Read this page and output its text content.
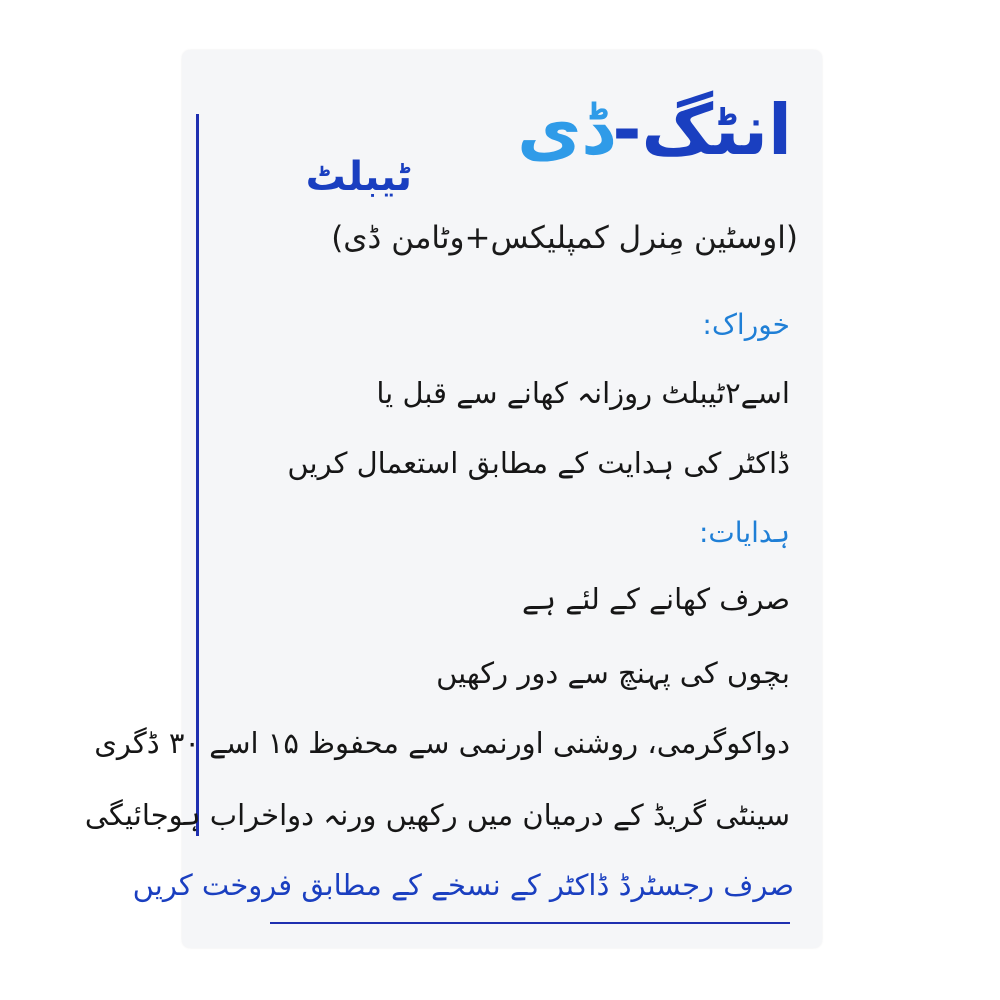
انٹگ-ڈی
ٹیبلٹ
(اوسٹین مِنرل کمپلیکس+وٹامن ڈی)
خوراک:
اسے۲ٹیبلٹ روزانہ کھانے سے قبل یا
ڈاکٹر کی ہدایت کے مطابق استعمال کریں
ہدایات:
صرف کھانے کے لئے ہے
بچوں کی پہنچ سے دور رکھیں
دواکوگرمی، روشنی اورنمی سے محفوظ ۱۵ اسے ۳۰ ڈگری
سینٹی گریڈ کے درمیان میں رکھیں ورنہ دواخراب ہوجائیگی
صرف رجسٹرڈ ڈاکٹر کے نسخے کے مطابق فروخت کریں
